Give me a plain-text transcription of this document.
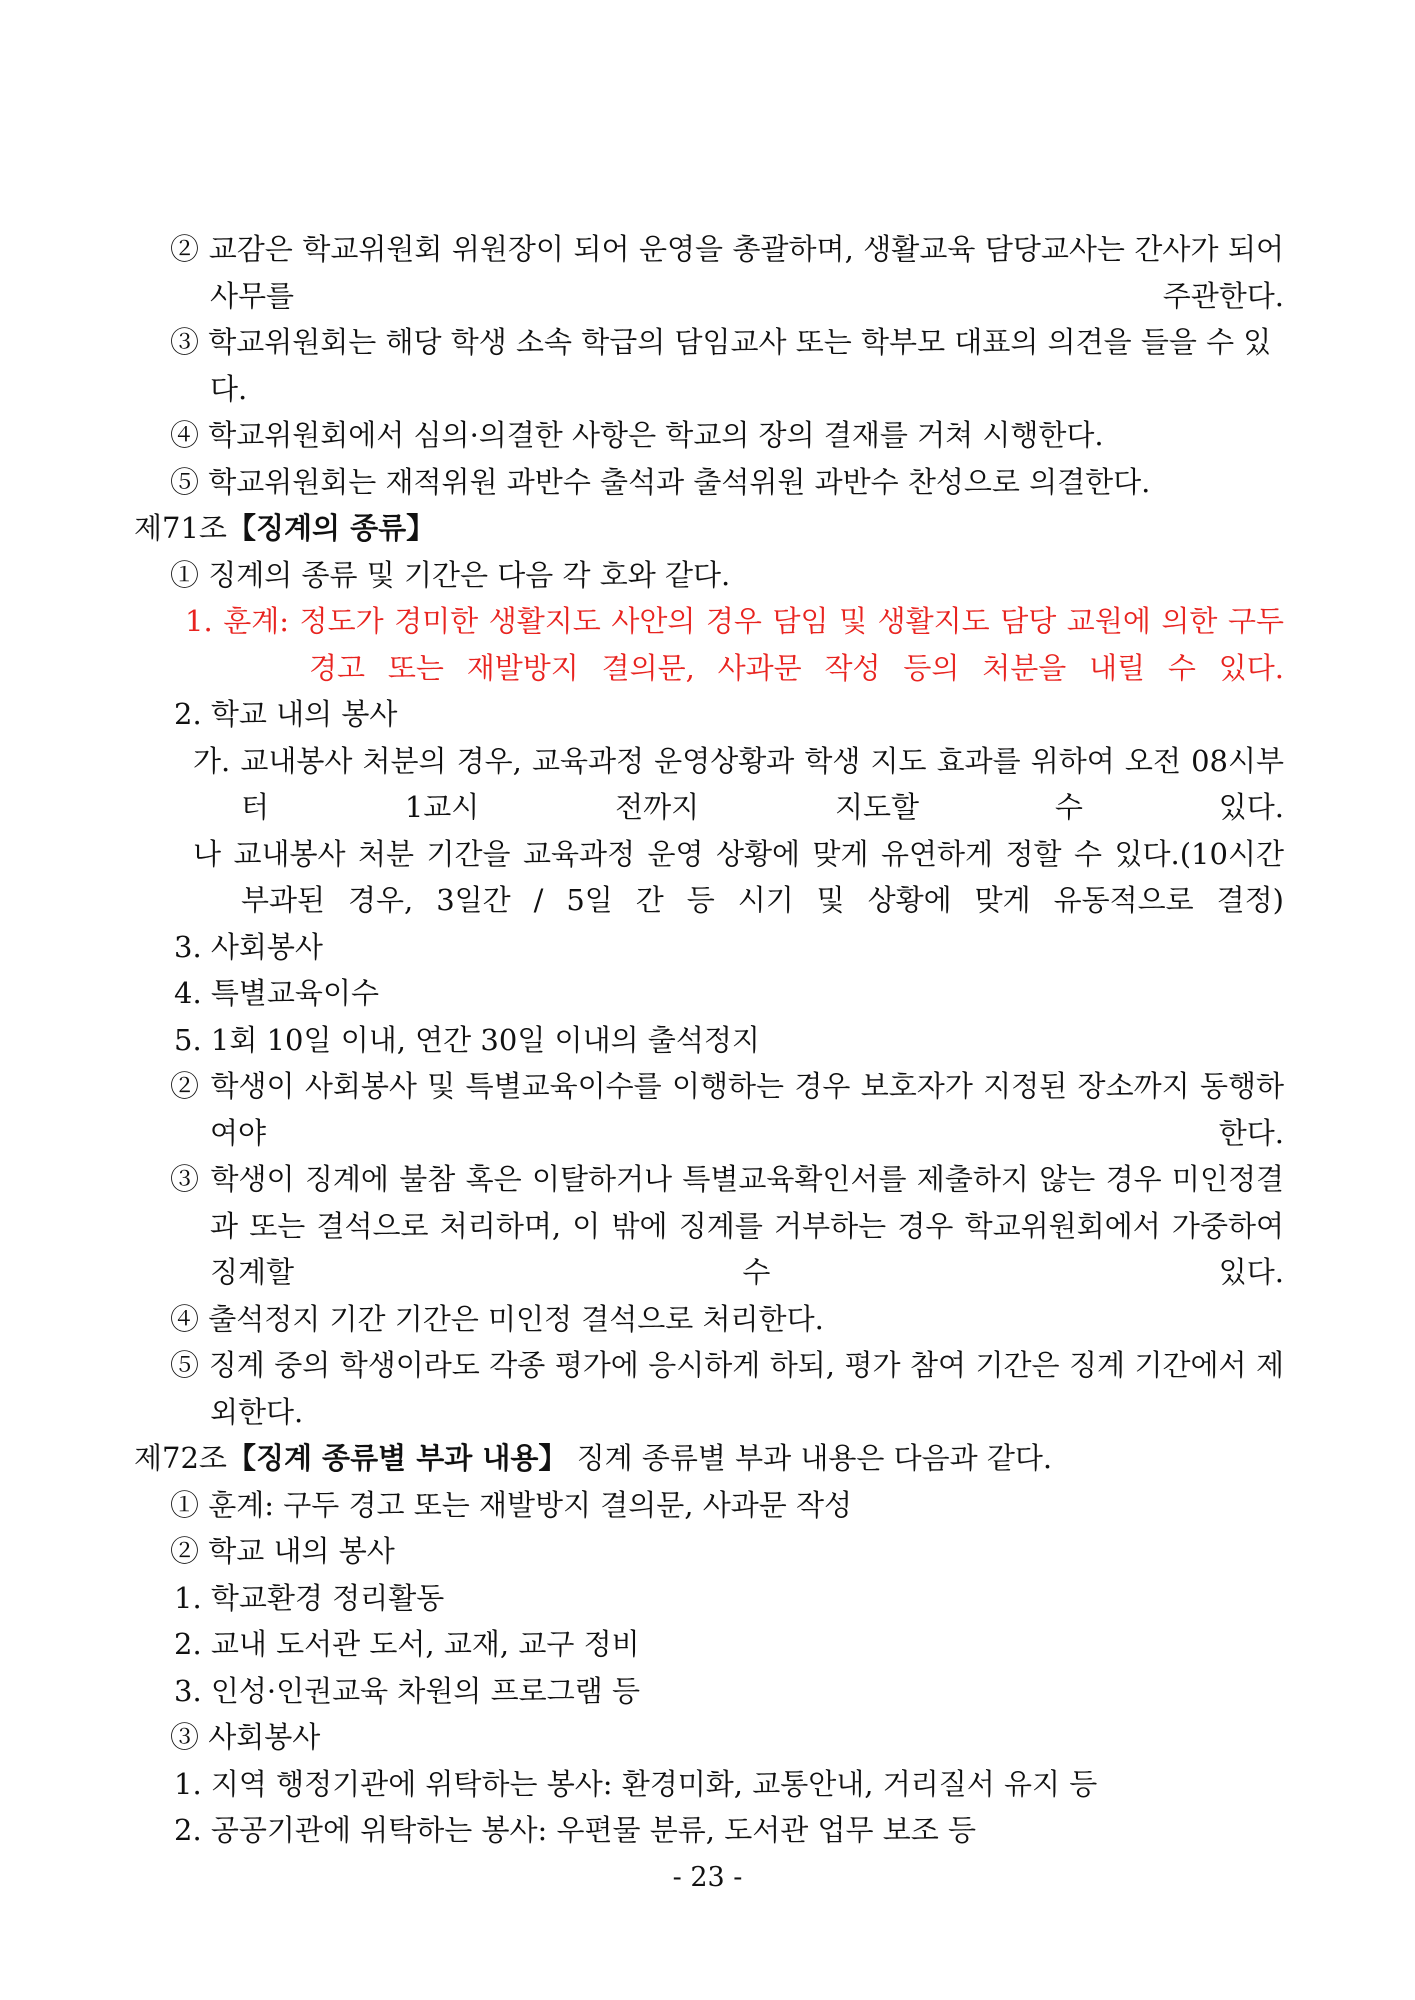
② 교감은 학교위원회 위원장이 되어 운영을 총괄하며, 생활교육 담당교사는 간사가 되어 사무를 주관한다.

③ 학교위원회는 해당 학생 소속 학급의 담임교사 또는 학부모 대표의 의견을 들을 수 있다.

④ 학교위원회에서 심의·의결한 사항은 학교의 장의 결재를 거쳐 시행한다.

⑤ 학교위원회는 재적위원 과반수 출석과 출석위원 과반수 찬성으로 의결한다.

제71조【징계의 종류】

① 징계의 종류 및 기간은 다음 각 호와 같다.

1. 훈계: 정도가 경미한 생활지도 사안의 경우 담임 및 생활지도 담당 교원에 의한 구두 경고 또는 재발방지 결의문, 사과문 작성 등의 처분을 내릴 수 있다.

2. 학교 내의 봉사

가. 교내봉사 처분의 경우, 교육과정 운영상황과 학생 지도 효과를 위하여 오전 08시부터 1교시 전까지 지도할 수 있다.

나 교내봉사 처분 기간을 교육과정 운영 상황에 맞게 유연하게 정할 수 있다.(10시간 부과된 경우, 3일간 / 5일 간 등 시기 및 상황에 맞게 유동적으로 결정)

3. 사회봉사

4. 특별교육이수

5. 1회 10일 이내, 연간 30일 이내의 출석정지

② 학생이 사회봉사 및 특별교육이수를 이행하는 경우 보호자가 지정된 장소까지 동행하여야 한다.

③ 학생이 징계에 불참 혹은 이탈하거나 특별교육확인서를 제출하지 않는 경우 미인정결과 또는 결석으로 처리하며, 이 밖에 징계를 거부하는 경우 학교위원회에서 가중하여 징계할 수 있다.

④ 출석정지 기간 기간은 미인정 결석으로 처리한다.

⑤ 징계 중의 학생이라도 각종 평가에 응시하게 하되, 평가 참여 기간은 징계 기간에서 제외한다.

제72조【징계 종류별 부과 내용】 징계 종류별 부과 내용은 다음과 같다.

① 훈계: 구두 경고 또는 재발방지 결의문, 사과문 작성

② 학교 내의 봉사

1. 학교환경 정리활동

2. 교내 도서관 도서, 교재, 교구 정비

3. 인성·인권교육 차원의 프로그램 등

③ 사회봉사

1. 지역 행정기관에 위탁하는 봉사: 환경미화, 교통안내, 거리질서 유지 등

2. 공공기관에 위탁하는 봉사: 우편물 분류, 도서관 업무 보조 등

- 23 -
